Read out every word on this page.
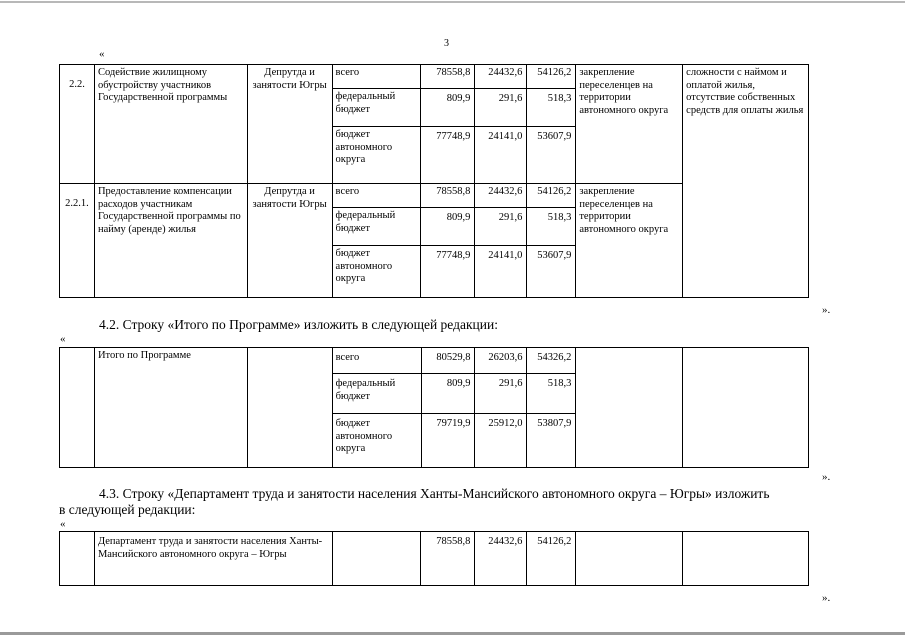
3
«
2.2.	Содействие жилищному обустройству участников Государственной программы	Депрутда и занятости Югры	всего	78558,8	24432,6	54126,2	закрепление переселенцев на территории автономного округа	сложности с наймом и оплатой жилья, отсутствие собственных средств для оплаты жилья
			федеральный бюджет	809,9	291,6	518,3		
			бюджет автономного округа	77748,9	24141,0	53607,9		
2.2.1.	Предоставление компенсации расходов участникам Государственной программы по найму (аренде) жилья	Депрутда и занятости Югры	всего	78558,8	24432,6	54126,2	закрепление переселенцев на территории автономного округа	
			федеральный бюджет	809,9	291,6	518,3		
			бюджет автономного округа	77748,9	24141,0	53607,9		
».
4.2. Строку «Итого по Программе» изложить в следующей редакции:
«
	Итого по Программе		всего	80529,8	26203,6	54326,2		
			федеральный бюджет	809,9	291,6	518,3		
			бюджет автономного округа	79719,9	25912,0	53807,9		
».
4.3. Строку «Департамент труда и занятости населения Ханты-Мансийского автономного округа – Югры» изложить
в следующей редакции:
«
	Департамент труда и занятости населения Ханты-Мансийского автономного округа – Югры		78558,8	24432,6	54126,2		
».
